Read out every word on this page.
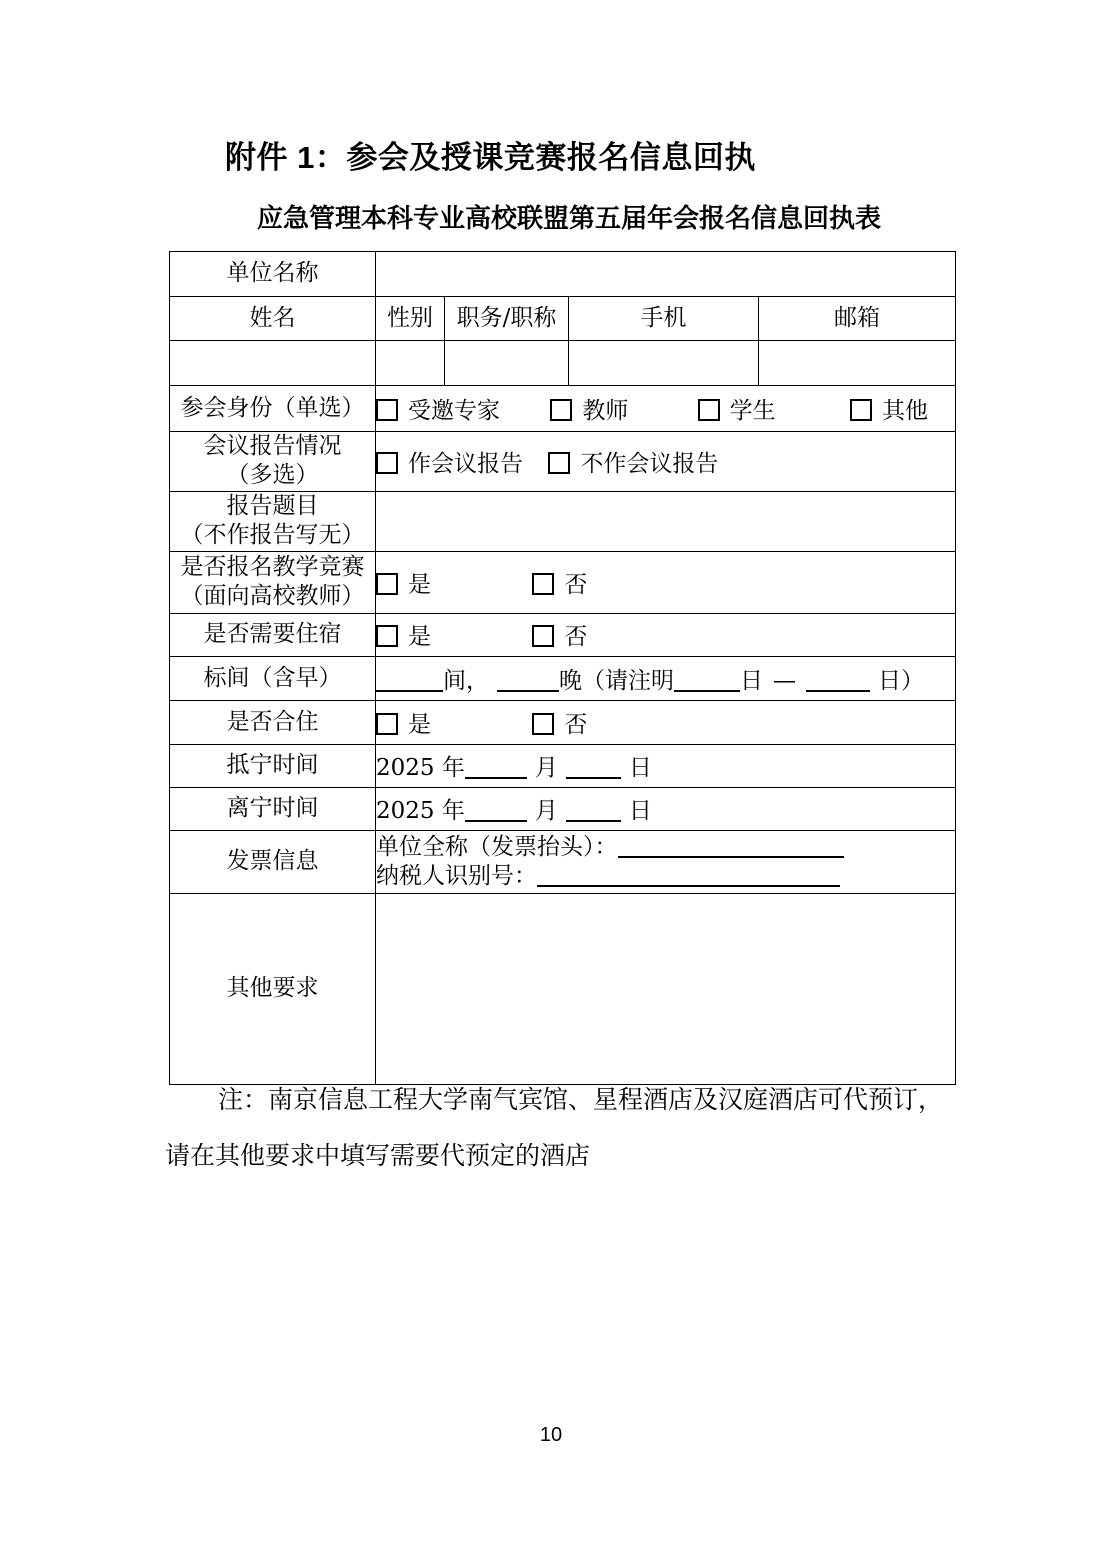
附件 1：参会及授课竞赛报名信息回执
应急管理本科专业高校联盟第五届年会报名信息回执表
单位名称				
姓名	性别	职务/职称	手机	邮箱

参会身份（单选）	受邀专家 教师 学生 其他			

会议报告情况
（多选）	作会议报告 不作会议报告			

报告题目
（不作报告写无）				

是否报名教学竞赛
（面向高校教师）	是 否			
是否需要住宿	是 否			
标间（含早）	间， 晚（请注明 日 — 日）			
是否合住	是 否			
抵宁时间	2025 年 月 日			
离宁时间	2025 年 月 日			
发票信息	单位全称（发票抬头）：
纳税人识别号：			

其他要求				
注：南京信息工程大学南气宾馆、星程酒店及汉庭酒店可代预订，
请在其他要求中填写需要代预定的酒店
10
